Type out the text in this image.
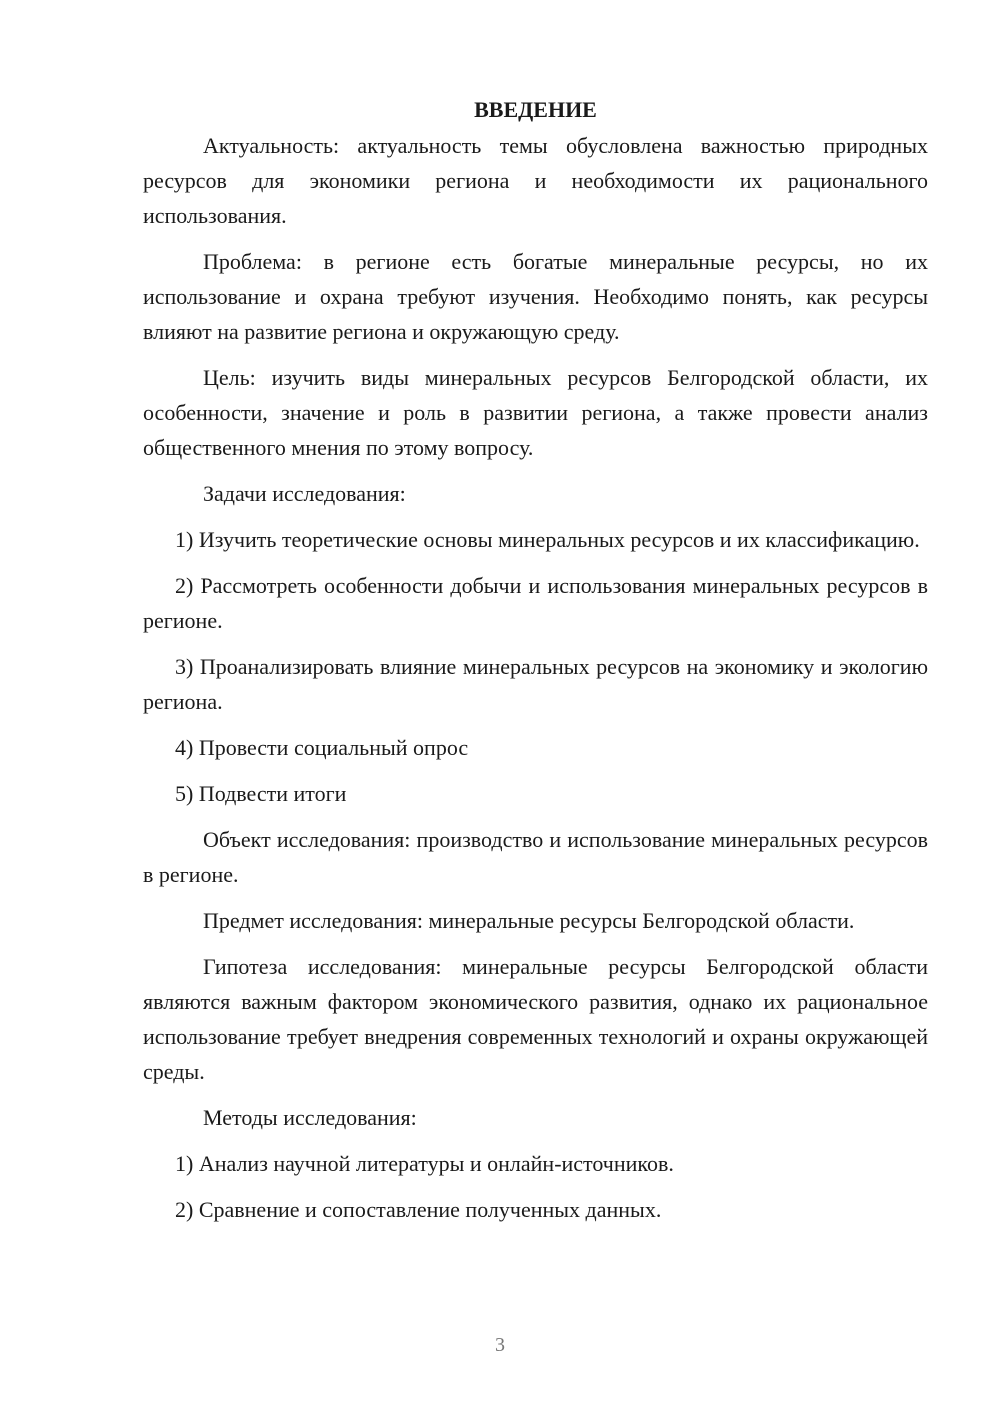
ВВЕДЕНИЕ

Актуальность: актуальность темы обусловлена важностью природных ресурсов для экономики региона и необходимости их рационального использования.

Проблема: в регионе есть богатые минеральные ресурсы, но их использование и охрана требуют изучения. Необходимо понять, как ресурсы влияют на развитие региона и окружающую среду.

Цель: изучить виды минеральных ресурсов Белгородской области, их особенности, значение и роль в развитии региона, а также провести анализ общественного мнения по этому вопросу.

Задачи исследования:

1) Изучить теоретические основы минеральных ресурсов и их классификацию.

2) Рассмотреть особенности добычи и использования минеральных ресурсов в регионе.

3) Проанализировать влияние минеральных ресурсов на экономику и экологию региона.

4) Провести социальный опрос

5) Подвести итоги

Объект исследования: производство и использование минеральных ресурсов в регионе.

Предмет исследования: минеральные ресурсы Белгородской области.

Гипотеза исследования: минеральные ресурсы Белгородской области являются важным фактором экономического развития, однако их рациональное использование требует внедрения современных технологий и охраны окружающей среды.

Методы исследования:

1) Анализ научной литературы и онлайн-источников.

2) Сравнение и сопоставление полученных данных.

3
